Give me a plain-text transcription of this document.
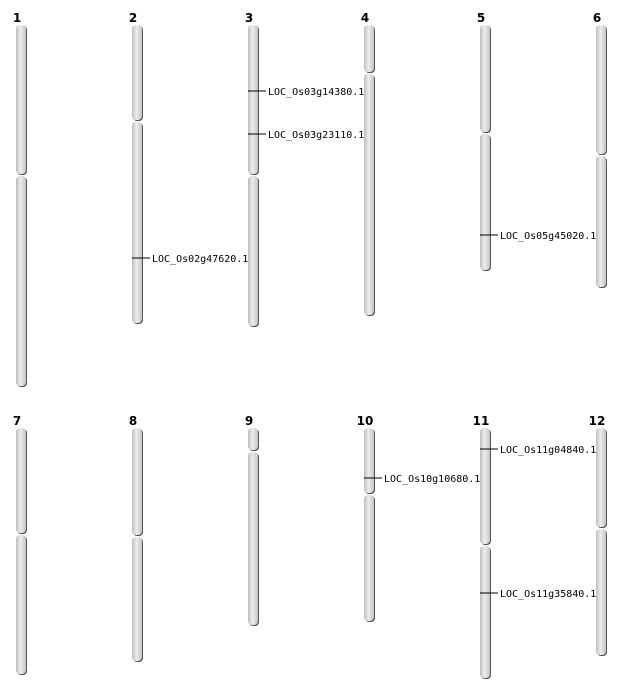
1	2	3	4	5	6
7	8	9	10	11	12
LOC_Os02g47620.1
LOC_Os03g14380.1
LOC_Os03g23110.1
LOC_Os05g45020.1
LOC_Os10g10680.1
LOC_Os11g04840.1
LOC_Os11g35840.1
